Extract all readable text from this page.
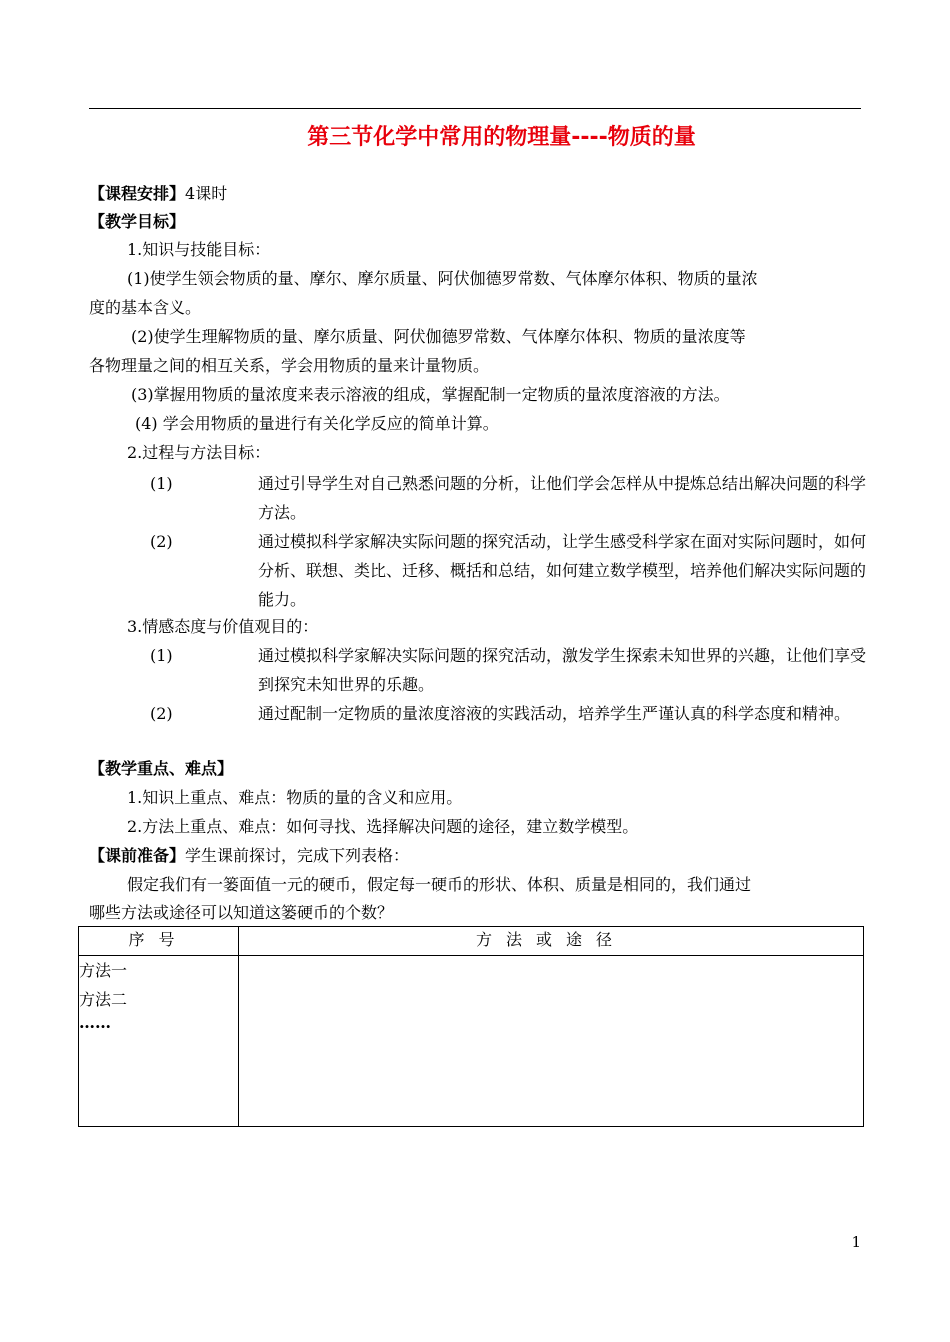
第三节化学中常用的物理量----物质的量
【课程安排】4课时
【教学目标】
1.知识与技能目标：
(1)使学生领会物质的量、摩尔、摩尔质量、阿伏伽德罗常数、气体摩尔体积、物质的量浓
度的基本含义。
(2)使学生理解物质的量、摩尔质量、阿伏伽德罗常数、气体摩尔体积、物质的量浓度等
各物理量之间的相互关系，学会用物质的量来计量物质。
(3)掌握用物质的量浓度来表示溶液的组成，掌握配制一定物质的量浓度溶液的方法。
(4) 学会用物质的量进行有关化学反应的简单计算。
2.过程与方法目标：
(1)	通过引导学生对自己熟悉问题的分析，让他们学会怎样从中提炼总结出解决问题的科学方法。
(2)	通过模拟科学家解决实际问题的探究活动，让学生感受科学家在面对实际问题时，如何分析、联想、类比、迁移、概括和总结，如何建立数学模型，培养他们解决实际问题的能力。
3.情感态度与价值观目的：
(1)	通过模拟科学家解决实际问题的探究活动，激发学生探索未知世界的兴趣，让他们享受到探究未知世界的乐趣。
(2)	通过配制一定物质的量浓度溶液的实践活动，培养学生严谨认真的科学态度和精神。
【教学重点、难点】
1.知识上重点、难点：物质的量的含义和应用。
2.方法上重点、难点：如何寻找、选择解决问题的途径，建立数学模型。
【课前准备】学生课前探讨，完成下列表格：
假定我们有一篓面值一元的硬币，假定每一硬币的形状、体积、质量是相同的，我们通过
哪些方法或途径可以知道这篓硬币的个数？
序号	方法或途径

方法一
方法二
……	

1
